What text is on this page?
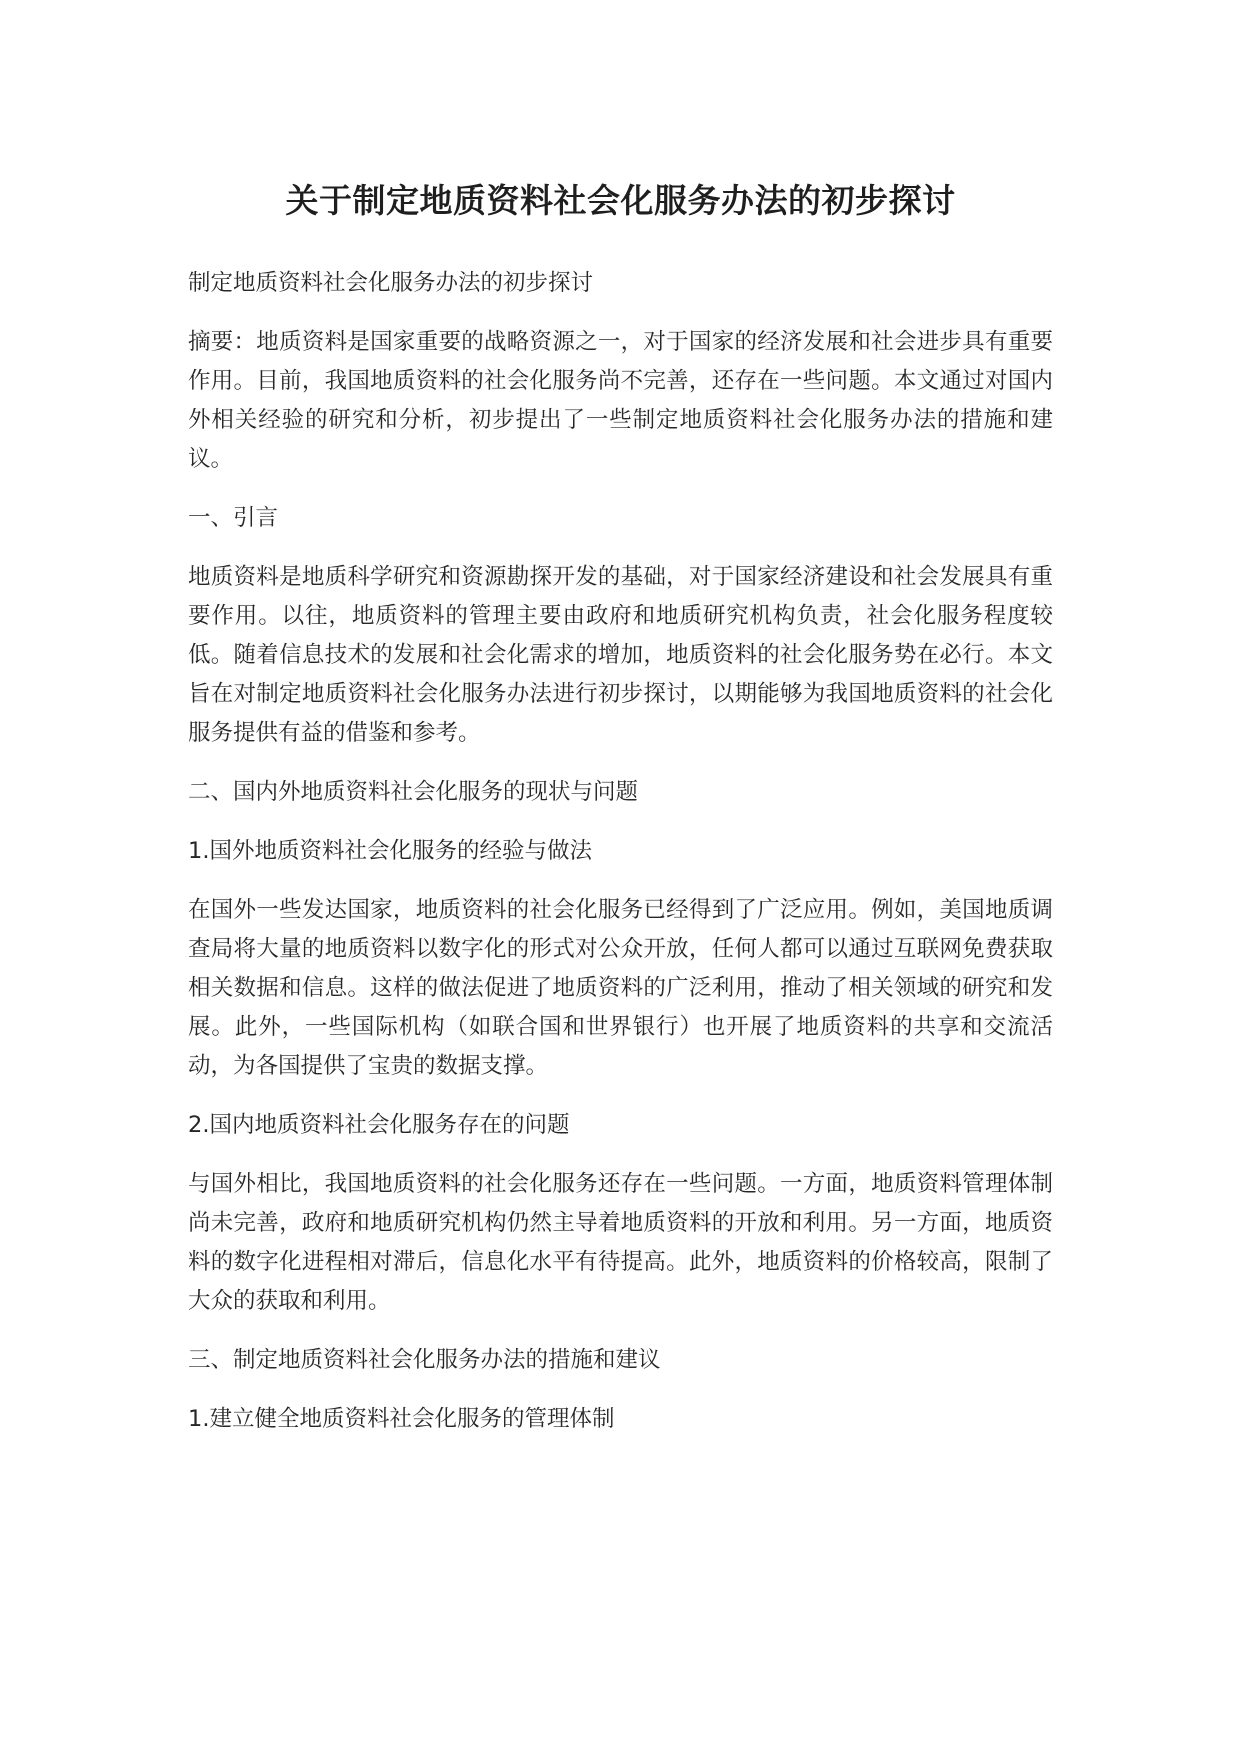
关于制定地质资料社会化服务办法的初步探讨

制定地质资料社会化服务办法的初步探讨

摘要：地质资料是国家重要的战略资源之一，对于国家的经济发展和社会进步具有重要作用。目前，我国地质资料的社会化服务尚不完善，还存在一些问题。本文通过对国内外相关经验的研究和分析，初步提出了一些制定地质资料社会化服务办法的措施和建议。

一、引言

地质资料是地质科学研究和资源勘探开发的基础，对于国家经济建设和社会发展具有重要作用。以往，地质资料的管理主要由政府和地质研究机构负责，社会化服务程度较低。随着信息技术的发展和社会化需求的增加，地质资料的社会化服务势在必行。本文旨在对制定地质资料社会化服务办法进行初步探讨，以期能够为我国地质资料的社会化服务提供有益的借鉴和参考。

二、国内外地质资料社会化服务的现状与问题

1.国外地质资料社会化服务的经验与做法

在国外一些发达国家，地质资料的社会化服务已经得到了广泛应用。例如，美国地质调查局将大量的地质资料以数字化的形式对公众开放，任何人都可以通过互联网免费获取相关数据和信息。这样的做法促进了地质资料的广泛利用，推动了相关领域的研究和发展。此外，一些国际机构（如联合国和世界银行）也开展了地质资料的共享和交流活动，为各国提供了宝贵的数据支撑。

2.国内地质资料社会化服务存在的问题

与国外相比，我国地质资料的社会化服务还存在一些问题。一方面，地质资料管理体制尚未完善，政府和地质研究机构仍然主导着地质资料的开放和利用。另一方面，地质资料的数字化进程相对滞后，信息化水平有待提高。此外，地质资料的价格较高，限制了大众的获取和利用。

三、制定地质资料社会化服务办法的措施和建议

1.建立健全地质资料社会化服务的管理体制
